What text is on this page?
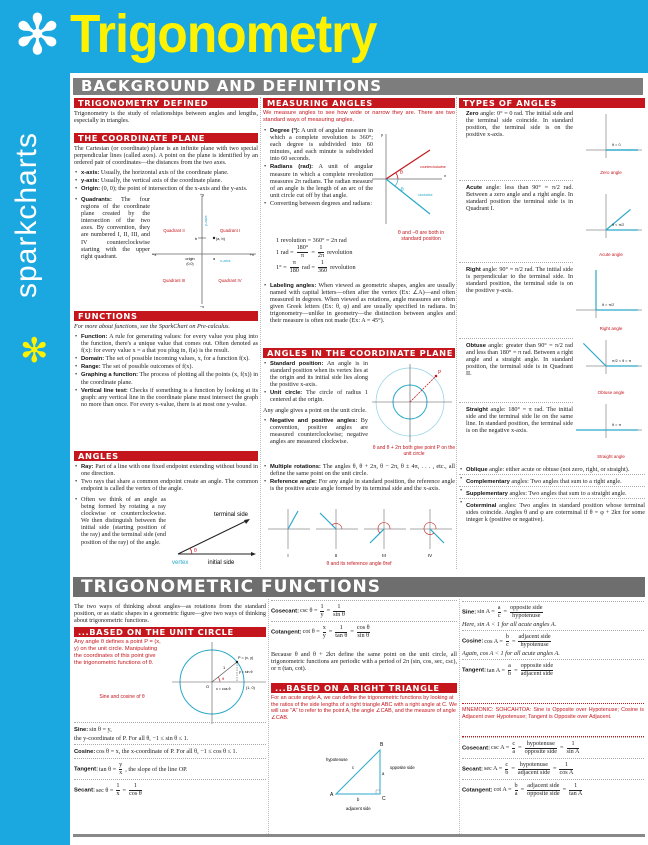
✻ Trigonometry
sparkcharts
✻
BACKGROUND AND DEFINITIONS
TRIGONOMETRY DEFINED
Trigonometry is the study of relationships between angles and lengths, especially in triangles.
THE COORDINATE PLANE
The Cartesian (or coordinate) plane is an infinite plane with two special perpendicular lines (called axes). A point on the plane is identified by an ordered pair of coordinates—the distances from the two axes.
• x-axis: Usually, the horizontal axis of the coordinate plane.
• y-axis: Usually, the vertical axis of the coordinate plane.
• Origin: (0, 0); the point of intersection of the x-axis and the y-axis.
• Quadrants: The four regions of the coordinate plane created by the intersection of the two axes. By convention, they are numbered I, II, III, and IV counterclockwise starting with the upper right quadrant.
+y
−y
+x
−x
Quadrant II	Quadrant I
Quadrant III	Quadrant IV
y-axis
x-axis
origin
(0,0)
(a, b)
b
a
FUNCTIONS
For more about functions, see the SparkChart on Pre-calculus.
• Function: A rule for generating values: for every value you plug into the function, there's a unique value that comes out. Often denoted as f(x): for every value x = a that you plug in, f(a) is the result.
• Domain: The set of possible incoming values, x, for a function f(x).
• Range: The set of possible outcomes of f(x).
• Graphing a function: The process of plotting all the points (x, f(x)) in the coordinate plane.
• Vertical line test: Checks if something is a function by looking at its graph: any vertical line in the coordinate plane must intersect the graph no more than once. For every x-value, there is at most one y-value.
ANGLES
• Ray: Part of a line with one fixed endpoint extending without bound in one direction.
• Two rays that share a common endpoint create an angle. The common endpoint is called the vertex of the angle.
• Often we think of an angle as being formed by rotating a ray clockwise or counterclockwise. We then distinguish between the initial side (starting position of the ray) and the terminal side (end position of the ray) of the angle.
θ
terminal side
vertex	initial side
MEASURING ANGLES
We measure angles to see how wide or narrow they are. There are two standard ways of measuring angles.
• Degree (°): A unit of angular measure in which a complete revolution is 360°; each degree is subdivided into 60 minutes, and each minute is subdivided into 60 seconds.
• Radians (rad): A unit of angular measure in which a complete revolution measures 2π radians. The radian measure of an angle is the length of an arc of the unit circle cut off by that angle.
• Converting between degrees and radians:
1 revolution = 360° = 2π rad
1 rad = $\frac{180^\circ}{\pi} = \frac{1}{2\pi}$ revolution
$1^\circ = \frac{\pi}{180}$ rad = $\frac{1}{360}$ revolution
• Labeling angles: When viewed as geometric shapes, angles are usually named with capital letters—often after the vertex (Ex: ∠A)—and often measured in degrees. When viewed as rotations, angle measures are often given Greek letters (Ex: θ, φ) and are usually specified in radians. In trigonometry—unlike in geometry—the distinction between angles and their measure is often not made (Ex: A = 45°).
y
x
θ
−θ
counterclockwise
clockwise
θ and −θ are both in standard position
ANGLES IN THE COORDINATE PLANE
• Standard position: An angle is in standard position when its vertex lies at the origin and its initial side lies along the positive x-axis.
• Unit circle: The circle of radius 1 centered at the origin.
Any angle gives a point on the unit circle.
• Negative and positive angles: By convention, positive angles are measured counterclockwise; negative angles are measured clockwise.
• Multiple rotations: The angles θ, θ + 2π, θ − 2π, θ ± 4π, . . . , etc., all define the same point on the unit circle.
• Reference angle: For any angle in standard position, the reference angle is the positive acute angle formed by its terminal side and the x-axis.
P
θ and θ + 2π both give point P on the unit circle
I	II	III	IV
θ and its reference angle θref
TYPES OF ANGLES
Zero angle: 0° = 0 rad. The initial side and the terminal side coincide. In standard position, the terminal side is on the positive x-axis.
θ = 0
Zero angle
Acute angle: less than 90° = π/2 rad. Between a zero angle and a right angle. In standard position the terminal side is in Quadrant I.
θ < π/2
Acute angle
Right angle: 90° = π/2 rad. The initial side is perpendicular to the terminal side. In standard position, the terminal side is on the positive y-axis.
θ = π/2
Right angle
Obtuse angle: greater than 90° = π/2 rad and less than 180° = π rad. Between a right angle and a straight angle. In standard position, the terminal side is in Quadrant II.
π/2 < θ < π
Obtuse angle
Straight angle: 180° = π rad. The initial side and the terminal side lie on the same line. In standard position, the terminal side is on the negative x-axis.
θ = π
Straight angle
• Oblique angle: either acute or obtuse (not zero, right, or straight).
• Complementary angles: Two angles that sum to a right angle.
• Supplementary angles: Two angles that sum to a straight angle.
• Coterminal angles: Two angles in standard position whose terminal sides coincide. Angles θ and φ are coterminal if θ = φ + 2kπ for some integer k (positive or negative).
TRIGONOMETRIC FUNCTIONS
The two ways of thinking about angles—as rotations from the standard position, or as static shapes in a geometric figure—give two ways of thinking about trigonometric functions.
...BASED ON THE UNIT CIRCLE
Any angle θ defines a point P = (x, y) on the unit circle. Manipulating the coordinates of this point give the trigonometric functions of θ.
θ
P = (x, y)
y = sin θ
x = cos θ
1
O	(1, 0)
Sine and cosine of θ
Sine:sin θ = y,
the y-coordinate of P. For all θ, −1 ≤ sin θ ≤ 1.
Cosine:cos θ = x, the x-coordinate of P. For all θ, −1 ≤ cos θ ≤ 1.
Tangent:tan $\theta = \frac{y}{x}$ , the slope of the line OP.
Secant:sec $\theta = \frac{1}{x} = \frac{1}{\text{cos θ}}$
Cosecant:csc $\theta = \frac{1}{y} = \frac{1}{\text{sin θ}}$
Cotangent:cot $\theta = \frac{x}{y} = \frac{1}{\text{tan θ}} = \frac{\text{cos θ}}{\text{sin θ}}$
Because θ and θ + 2kπ define the same point on the unit circle, all trigonometric functions are periodic with a period of 2π (sin, cos, sec, csc), or π (tan, cot).
...BASED ON A RIGHT TRIANGLE
For an acute angle A, we can define the trigonometric functions by looking at the ratios of the side lengths of a right triangle ABC with a right angle at C. We will use "A" to refer to the point A, the angle ∠CAB, and the measure of angle ∠CAB.
A
B
C
hypotenuse
c	opposite side
a
b
adjacent side
Sine:sin $A = \frac{a}{c} = \frac{\text{opposite side}}{\text{hypotenuse}}$
Here, sin A < 1 for all acute angles A.
Cosine:cos $A = \frac{b}{c} = \frac{\text{adjacent side}}{\text{hypotenuse}}$
Again, cos A < 1 for all acute angles A.
Tangent:tan $A = \frac{a}{b} = \frac{\text{opposite side}}{\text{adjacent side}}$
MNEMONIC: SOHCAHTOA: Sine is Opposite over Hypotenuse; Cosine is Adjacent over Hypotenuse; Tangent is Opposite over Adjacent.
Cosecant:csc $A = \frac{c}{a} = \frac{\text{hypotenuse}}{\text{opposite side}} = \frac{1}{\text{sin A}}$
Secant:sec $A = \frac{c}{b} = \frac{\text{hypotenuse}}{\text{adjacent side}} = \frac{1}{\text{cos A}}$
Cotangent:cot $A = \frac{b}{a} = \frac{\text{adjacent side}}{\text{opposite side}} = \frac{1}{\text{tan A}}$
